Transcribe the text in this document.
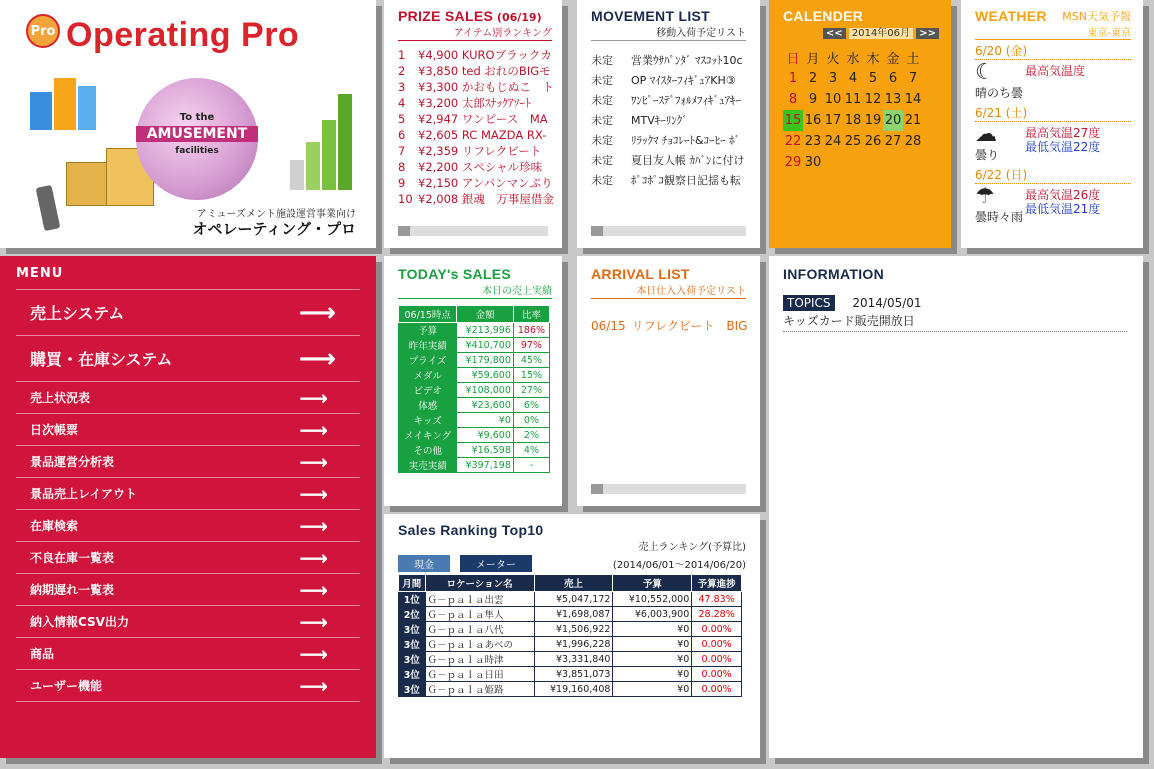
Pro Operating Pro
To the
AMUSEMENT
facilities
アミューズメント施設運営事業向け
オペレーティング・プロ
PRIZE SALES (06/19)
アイテム別ランキング
1 ¥4,900 KUROブラックカ
2 ¥3,850 ted おれのBIGモ
3 ¥3,300 かおもじぬこ　ト
4 ¥3,200 太郎ｽﾅｯｸｱｿｰﾄ
5 ¥2,947 ワンピース　MA
6 ¥2,605 RC MAZDA RX-
7 ¥2,359 リフレクビート
8 ¥2,200 スペシャル珍味
9 ¥2,150 アンパンマンぷり
10 ¥2,008 銀魂　万事屋借金
MOVEMENT LIST
移動入荷予定リスト
未定 営業ｳｻﾊﾟﾝﾀﾞ ﾏｽｺｯﾄ10c
未定 OP ﾏｲｽﾀｰﾌｨｷﾞｭｱKH③
未定 ﾜﾝﾋﾟｰｽﾃﾞﾌｫﾙﾒﾌｨｷﾞｭｱｷｰ
未定 MTVｷｰﾘﾝｸﾞ
未定 ﾘﾗｯｸﾏ ﾁｮｺﾚｰﾄ&ｺｰﾋｰ ﾎﾞ
未定 夏目友人帳 ｶﾊﾞﾝに付け
未定 ﾎﾟｺﾎﾟｺ観察日記揺も転
CALENDER
<< 2014年06月 >>
日	月	火	水	木	金	土
1	2	3	4	5	6	7
8	9	10	11	12	13	14
15	16	17	18	19	20	21
22	23	24	25	26	27	28
29	30					
WEATHER MSN天気予報
東京-東京
6/20 (金)
☾
晴のち曇
最高気温度
6/21 (土)
☁
曇り
最高気温27度
最低気温22度
6/22 (日)
☂
曇時々雨
最高気温26度
最低気温21度
MENU
売上システム	⟶
購買・在庫システム	⟶
売上状況表	⟶
日次帳票	⟶
景品運営分析表	⟶
景品売上レイアウト	⟶
在庫検索	⟶
不良在庫一覧表	⟶
納期遅れ一覧表	⟶
納入情報CSV出力	⟶
商品	⟶
ユーザー機能	⟶
TODAY's SALES
本日の売上実績
06/15時点	金額	比率
予算	¥213,996	186%
昨年実績	¥410,700	97%
プライズ	¥179,800	45%
メダル	¥59,600	15%
ビデオ	¥108,000	27%
体感	¥23,600	6%
キッズ	¥0	0%
メイキング	¥9,600	2%
その他	¥16,598	4%
実売実績	¥397,198	-
ARRIVAL LIST
本日仕入入荷予定リスト
06/15 リフレクビート　BIG
INFORMATION
TOPICS 2014/05/01
キッズカード販売開放日
Sales Ranking Top10
売上ランキング(予算比)
現金	メーター	(2014/06/01～2014/06/20)
月間	ロケーション名	売上	予算	予算進捗
1位	Ｇ－ｐａｌａ出雲	¥5,047,172	¥10,552,000	47.83%
2位	Ｇ－ｐａｌａ隼人	¥1,698,087	¥6,003,900	28.28%
3位	Ｇ－ｐａｌａ八代	¥1,506,922	¥0	0.00%
3位	Ｇ－ｐａｌａあべの	¥1,996,228	¥0	0.00%
3位	Ｇ－ｐａｌａ時津	¥3,331,840	¥0	0.00%
3位	Ｇ－ｐａｌａ日田	¥3,851,073	¥0	0.00%
3位	Ｇ－ｐａｌａ姫路	¥19,160,408	¥0	0.00%
